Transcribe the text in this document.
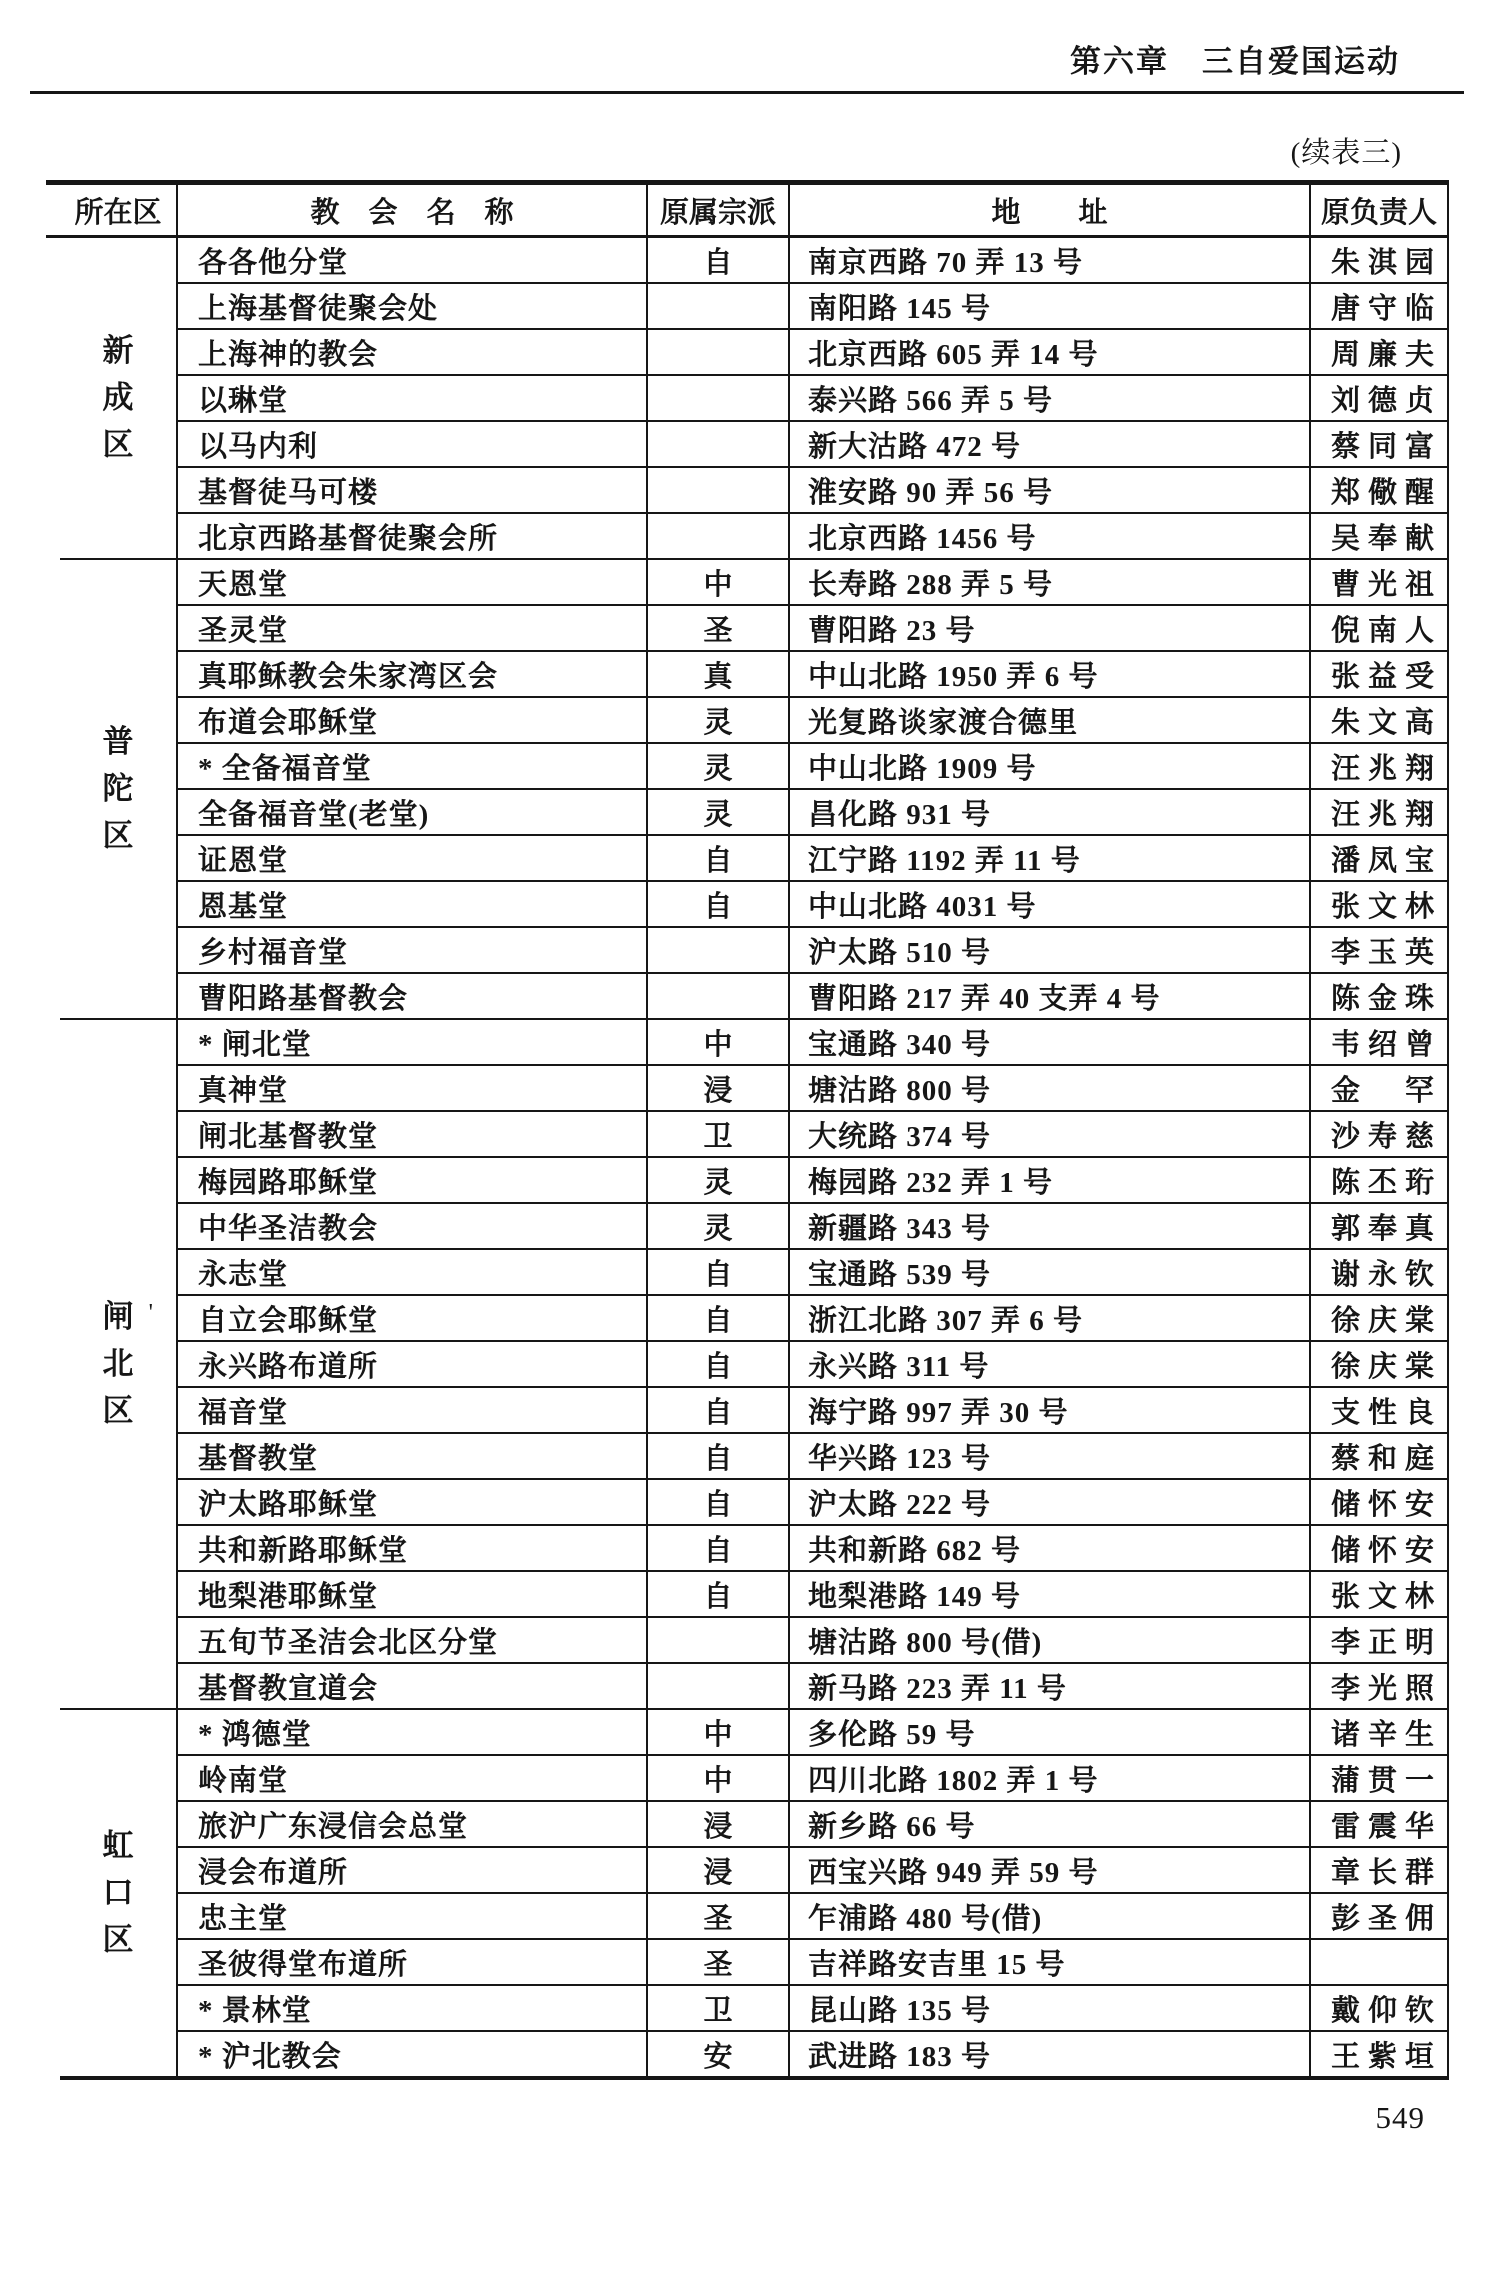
第六章　三自爱国运动
(续表三)
所在区	教　会　名　称	原属宗派	地　　址	原负责人

新
成
区	各各他分堂	自	南京西路 70 弄 13 号	朱淇园
	上海基督徒聚会处		南阳路 145 号	唐守临
	上海神的教会		北京西路 605 弄 14 号	周廉夫
	以琳堂		泰兴路 566 弄 5 号	刘德贞
	以马内利		新大沽路 472 号	蔡同富
	基督徒马可楼		淮安路 90 弄 56 号	郑儆醒
	北京西路基督徒聚会所		北京西路 1456 号	吴奉献

普
陀
区	天恩堂	中	长寿路 288 弄 5 号	曹光祖
	圣灵堂	圣	曹阳路 23 号	倪南人
	真耶稣教会朱家湾区会	真	中山北路 1950 弄 6 号	张益受
	布道会耶稣堂	灵	光复路谈家渡合德里	朱文高
	* 全备福音堂	灵	中山北路 1909 号	汪兆翔
	全备福音堂(老堂)	灵	昌化路 931 号	汪兆翔
	证恩堂	自	江宁路 1192 弄 11 号	潘凤宝
	恩基堂	自	中山北路 4031 号	张文林
	乡村福音堂		沪太路 510 号	李玉英
	曹阳路基督教会		曹阳路 217 弄 40 支弄 4 号	陈金珠

闸 '
北
区	* 闸北堂	中	宝通路 340 号	韦绍曾
	真神堂	浸	塘沽路 800 号	金　罕
	闸北基督教堂	卫	大统路 374 号	沙寿慈
	梅园路耶稣堂	灵	梅园路 232 弄 1 号	陈丕珩
	中华圣洁教会	灵	新疆路 343 号	郭奉真
	永志堂	自	宝通路 539 号	谢永钦
	自立会耶稣堂	自	浙江北路 307 弄 6 号	徐庆棠
	永兴路布道所	自	永兴路 311 号	徐庆棠
	福音堂	自	海宁路 997 弄 30 号	支性良
	基督教堂	自	华兴路 123 号	蔡和庭
	沪太路耶稣堂	自	沪太路 222 号	储怀安
	共和新路耶稣堂	自	共和新路 682 号	储怀安
	地梨港耶稣堂	自	地梨港路 149 号	张文林
	五旬节圣洁会北区分堂		塘沽路 800 号(借)	李正明
	基督教宣道会		新马路 223 弄 11 号	李光照

虹
口
区	* 鸿德堂	中	多伦路 59 号	诸辛生
	岭南堂	中	四川北路 1802 弄 1 号	蒲贯一
	旅沪广东浸信会总堂	浸	新乡路 66 号	雷震华
	浸会布道所	浸	西宝兴路 949 弄 59 号	章长群
	忠主堂	圣	乍浦路 480 号(借)	彭圣佣
	圣彼得堂布道所	圣	吉祥路安吉里 15 号	
	* 景林堂	卫	昆山路 135 号	戴仰钦
	* 沪北教会	安	武进路 183 号	王紫垣
549
